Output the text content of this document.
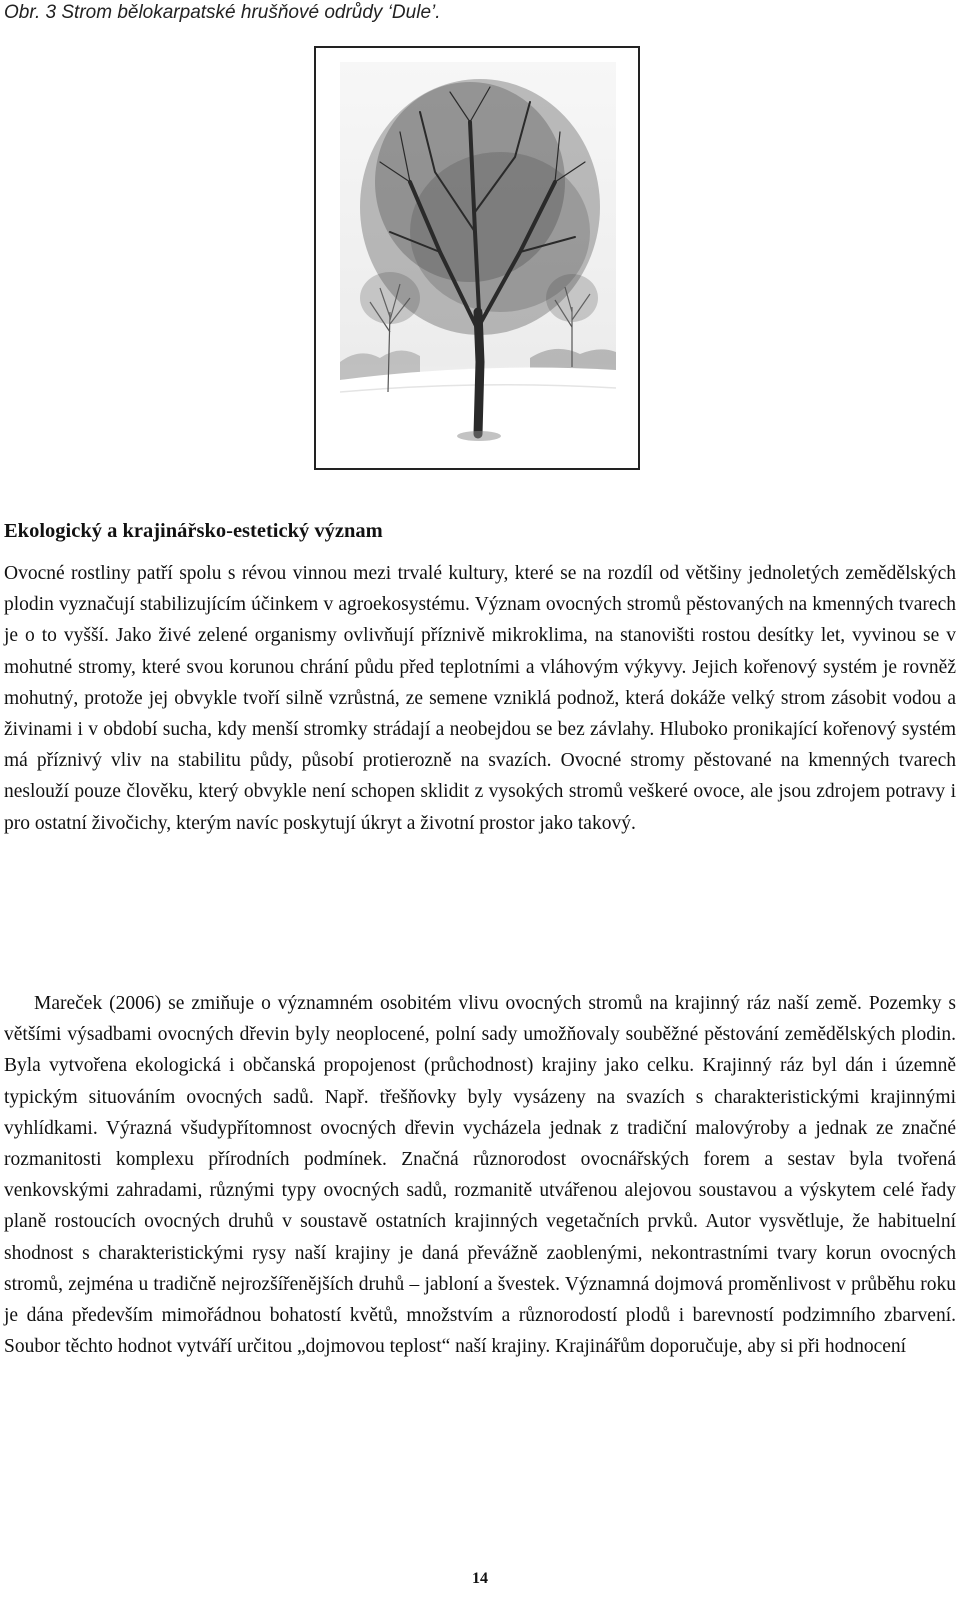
Obr. 3 Strom bělokarpatské hrušňové odrůdy ‘Dule’.
Ekologický a krajinářsko-estetický význam

Ovocné rostliny patří spolu s révou vinnou mezi trvalé kultury, které se na rozdíl od většiny jednoletých zemědělských plodin vyznačují stabilizujícím účinkem v agroekosystému. Význam ovocných stromů pěstovaných na kmenných tvarech je o to vyšší. Jako živé zelené organismy ovlivňují příznivě mikroklima, na stanovišti rostou desítky let, vyvinou se v mohutné stromy, které svou korunou chrání půdu před teplotními a vláhovým výkyvy. Jejich kořenový systém je rovněž mohutný, protože jej obvykle tvoří silně vzrůstná, ze semene vzniklá podnož, která dokáže velký strom zásobit vodou a živinami i v období sucha, kdy menší stromky strádají a neobejdou se bez závlahy. Hluboko pronikající kořenový systém má příznivý vliv na stabilitu půdy, působí protierozně na svazích. Ovocné stromy pěstované na kmenných tvarech neslouží pouze člověku, který obvykle není schopen sklidit z vysokých stromů veškeré ovoce, ale jsou zdrojem potravy i pro ostatní živočichy, kterým navíc poskytují úkryt a životní prostor jako takový.

Mareček (2006) se zmiňuje o významném osobitém vlivu ovocných stromů na krajinný ráz naší země. Pozemky s většími výsadbami ovocných dřevin byly neoplocené, polní sady umožňovaly souběžné pěstování zemědělských plodin. Byla vytvořena ekologická i občanská propojenost (průchodnost) krajiny jako celku. Krajinný ráz byl dán i územně typickým situováním ovocných sadů. Např. třešňovky byly vysázeny na svazích s charakteristickými krajinnými vyhlídkami. Výrazná všudypřítomnost ovocných dřevin vycházela jednak z tradiční malovýroby a jednak ze značné rozmanitosti komplexu přírodních podmínek. Značná různorodost ovocnářských forem a sestav byla tvořená venkovskými zahradami, různými typy ovocných sadů, rozmanitě utvářenou alejovou soustavou a výskytem celé řady planě rostoucích ovocných druhů v soustavě ostatních krajinných vegetačních prvků. Autor vysvětluje, že habituelní shodnost s charakteristickými rysy naší krajiny je daná převážně zaoblenými, nekontrastními tvary korun ovocných stromů, zejména u tradičně nejrozšířenějších druhů – jabloní a švestek. Významná dojmová proměnlivost v průběhu roku je dána především mimořádnou bohatostí květů, množstvím a různorodostí plodů i barevností podzimního zbarvení. Soubor těchto hodnot vytváří určitou „dojmovou teplost“ naší krajiny. Krajinářům doporučuje, aby si při hodnocení

14
